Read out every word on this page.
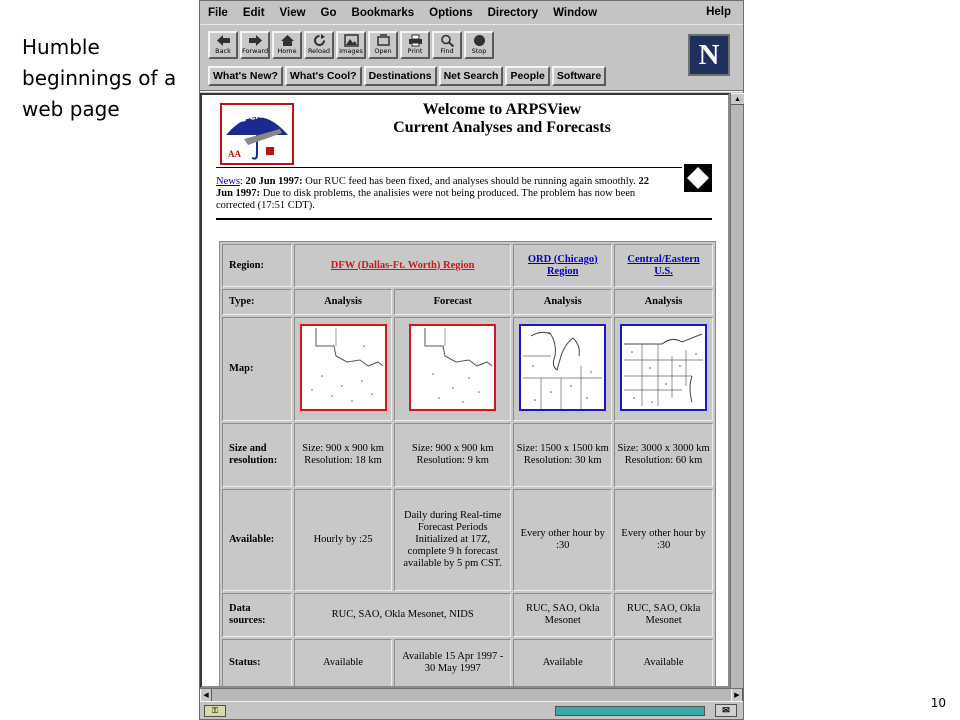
Humble beginnings of a web page
10
File Edit View Go Bookmarks Options Directory Window	Help
Back Forward Home Reload Images Open Print	Find	Stop	N
What's New?	What's Cool?	Destinations	Net Search	People	Software
Hub-CAPS
AA
Welcome to ARPSView
Current Analyses and Forecasts
News: 20 Jun 1997: Our RUC feed has been fixed, and analyses should be running again smoothly. 22 Jun 1997: Due to disk problems, the analisies were not being produced. The problem has now been corrected (17:51 CDT).
Region:	DFW (Dallas-Ft. Worth) Region		ORD (Chicago) Region	Central/Eastern U.S.
Type:	Analysis	Forecast	Analysis	Analysis
Map:	

Size and resolution:	Size: 900 x 900 km Resolution: 18 km	Size: 900 x 900 km Resolution: 9 km	Size: 1500 x 1500 km Resolution: 30 km	Size: 3000 x 3000 km Resolution: 60 km
Available:	Hourly by :25	Daily during Real-time Forecast Periods Initialized at 17Z, complete 9 h forecast available by 5 pm CST.	Every other hour by :30	Every other hour by :30
Data sources:	RUC, SAO, Okla Mesonet, NIDS		RUC, SAO, Okla Mesonet	RUC, SAO, Okla Mesonet
Status:	Available	Available 15 Apr 1997 - 30 May 1997	Available	Available
▲
◀	▶
⚿	✉
